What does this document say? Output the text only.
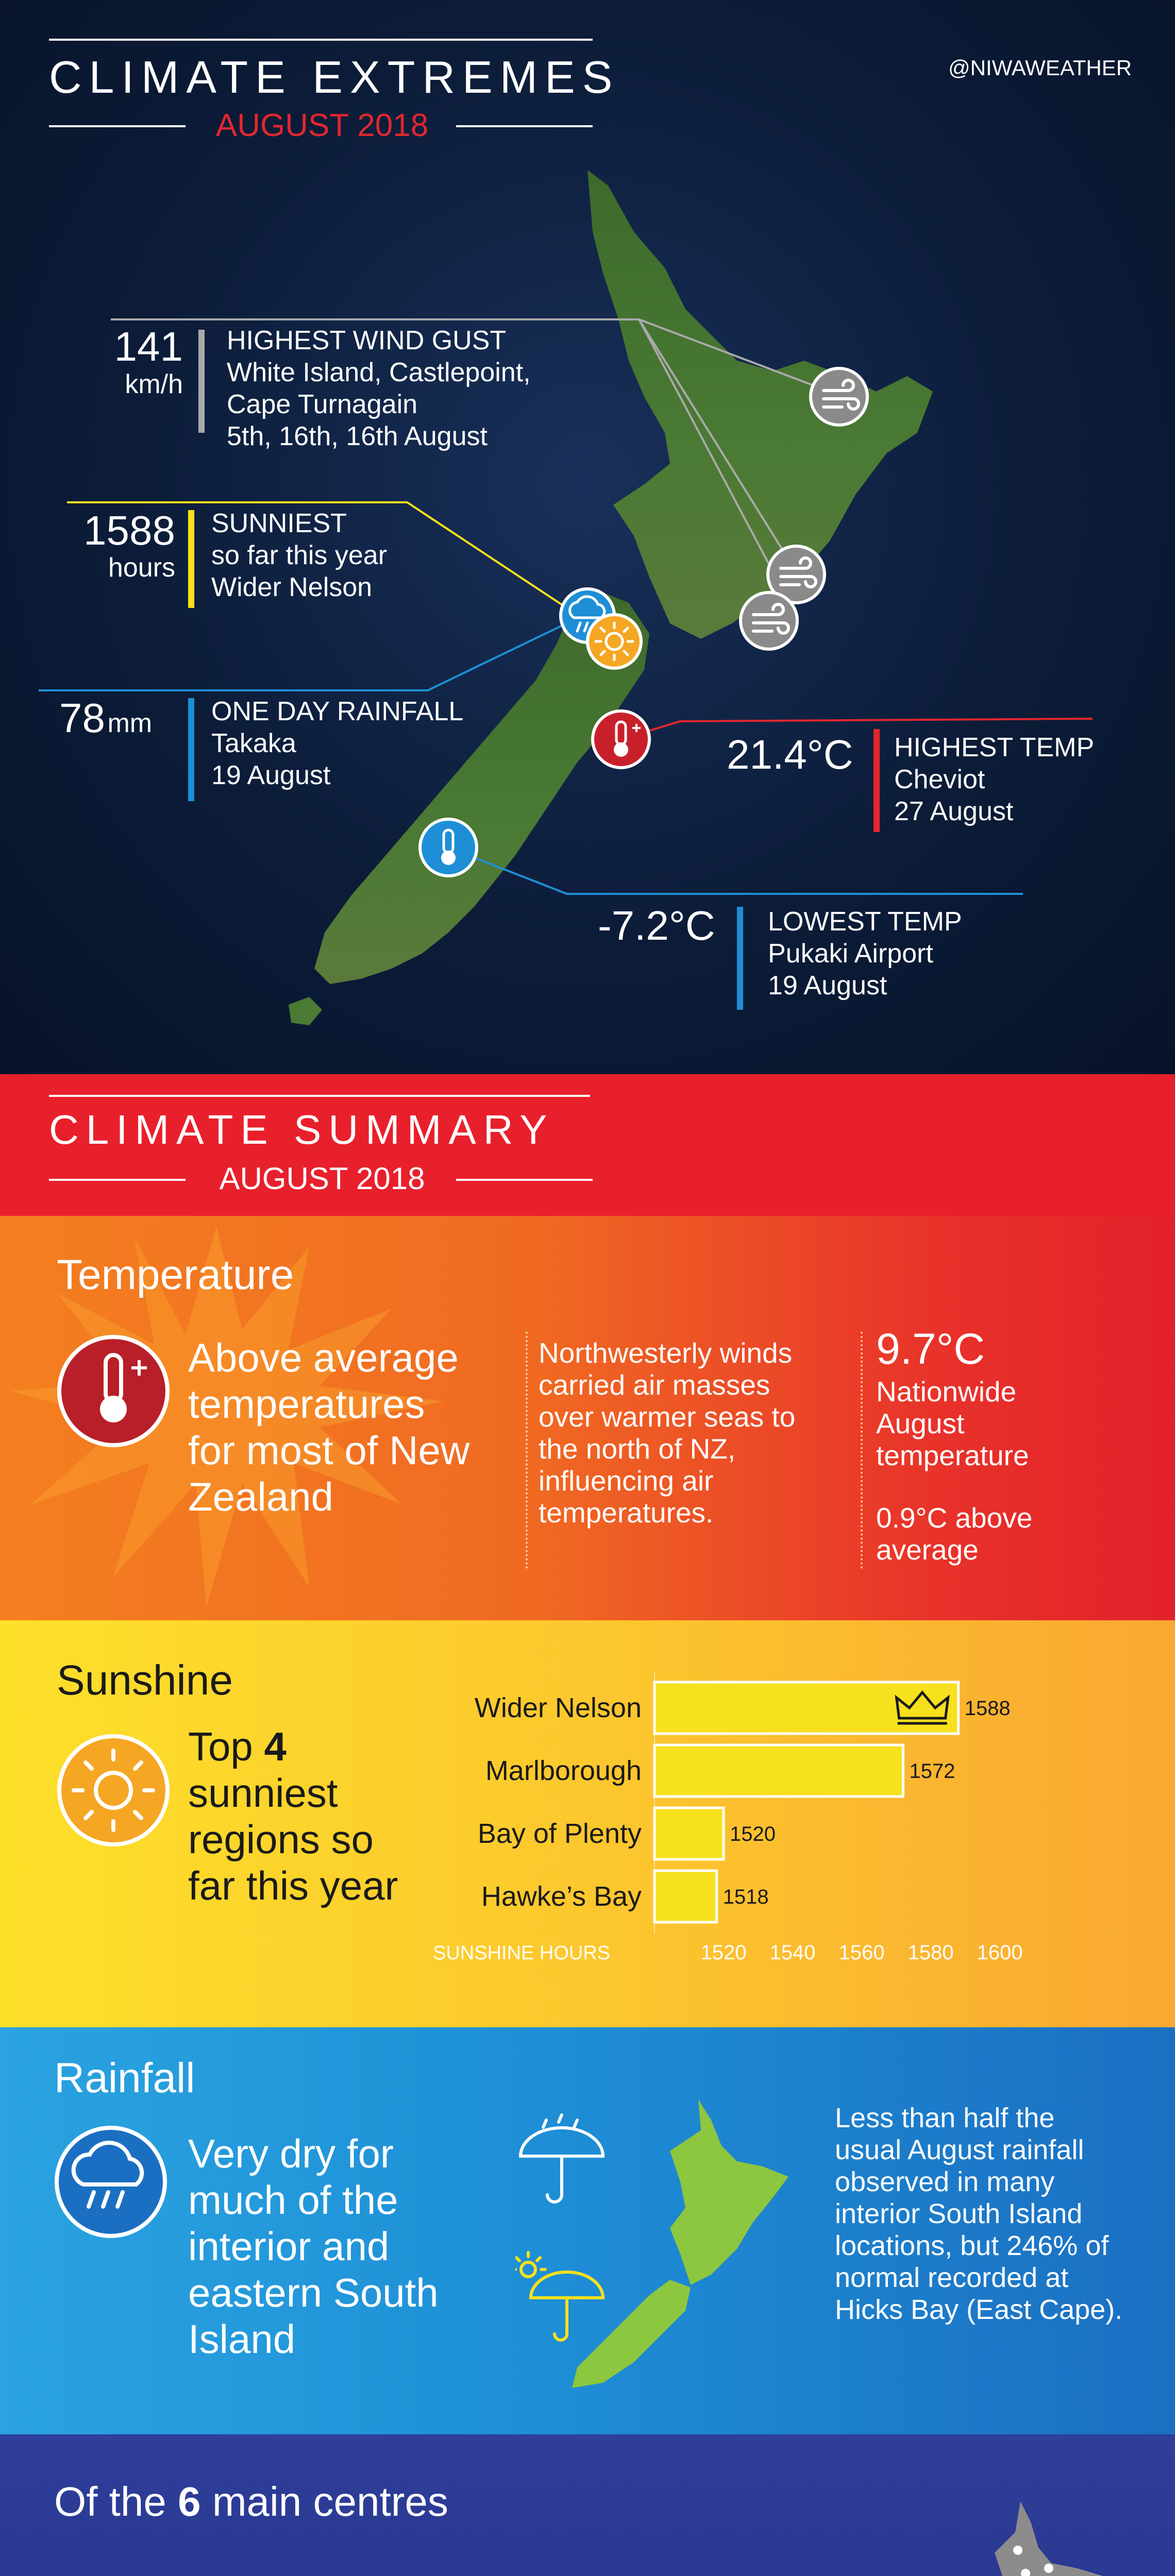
CLIMATE EXTREMES
AUGUST 2018
@NIWAWEATHER
141
km/h
HIGHEST WIND GUST
White Island, Castlepoint,
Cape Turnagain
5th, 16th, 16th August
1588
hours
SUNNIEST
so far this year
Wider Nelson
78 mm ONE DAY RAINFALL
Takaka
19 August	21.4°C HIGHEST TEMP
Cheviot
27 August
-7.2°C LOWEST TEMP
Pukaki Airport
19 August
CLIMATE SUMMARY
AUGUST 2018
Temperature
Above average
temperatures
for most of New
Zealand
Northwesterly winds
carried air masses
over warmer seas to
the north of NZ,
influencing air
temperatures.
9.7°C
Nationwide
August
temperature
0.9°C above
average
Sunshine
Top 4
sunniest
regions so
far this year
Wider Nelson	1588
Marlborough	1572
Bay of Plenty	1520
Hawke’s Bay	1518
1520 1540 1560 1580 1600
SUNSHINE HOURS
Rainfall
Very dry for
much of the
interior and
eastern South
Island
Less than half the
usual August rainfall
observed in many
interior South Island
locations, but 246% of
normal recorded at
Hicks Bay (East Cape).
Of the 6 main centres
